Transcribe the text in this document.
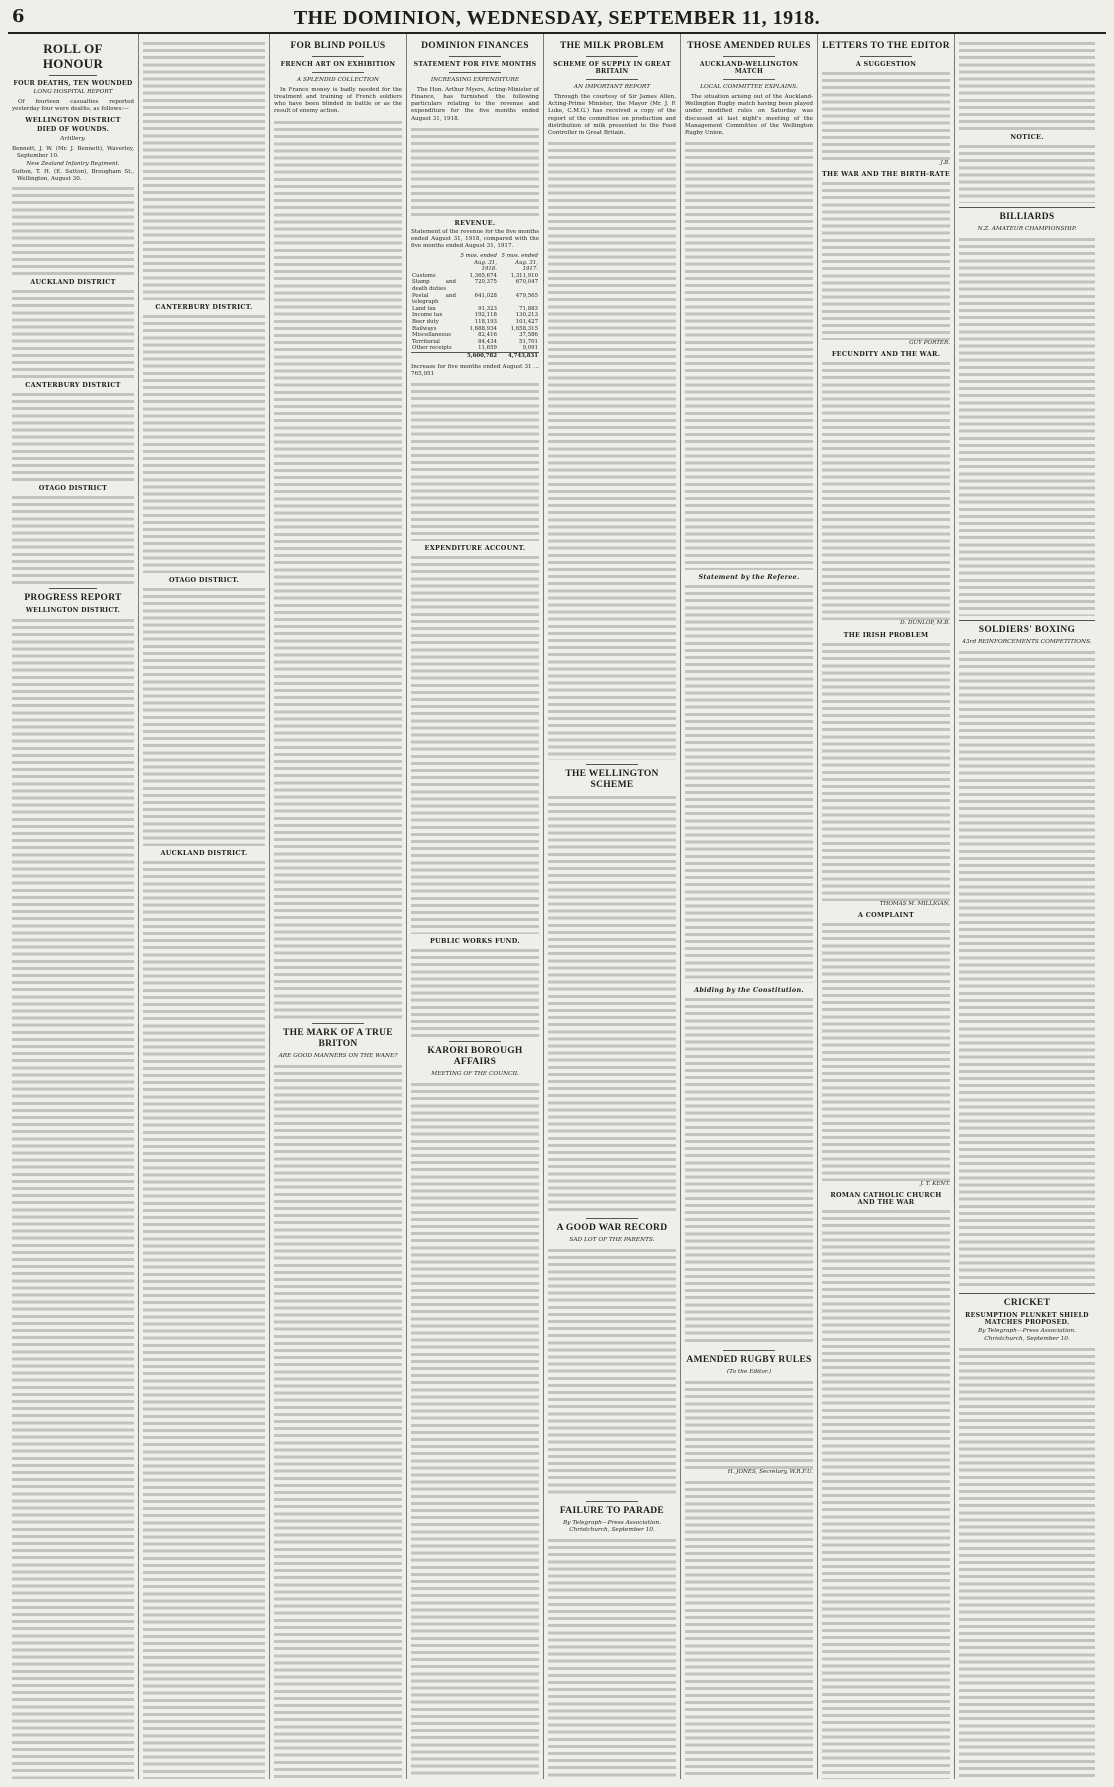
6	THE DOMINION, WEDNESDAY, SEPTEMBER 11, 1918.
ROLL OF HONOUR
FOUR DEATHS, TEN WOUNDED
LONG HOSPITAL REPORT

Of fourteen casualties reported yesterday four were deaths, as follows:—

WELLINGTON DISTRICT
DIED OF WOUNDS.
Artillery.

Bennett, J. W. (Mr. J. Bennett), Waverley, September 10.

New Zealand Infantry Regiment.

Sutton, T. H. (E. Sutton), Brougham St., Wellington, August 30.

AUCKLAND DISTRICT
CANTERBURY DISTRICT
OTAGO DISTRICT
PROGRESS REPORT
WELLINGTON DISTRICT.
CANTERBURY DISTRICT.
OTAGO DISTRICT.
AUCKLAND DISTRICT.
FOR BLIND POILUS
FRENCH ART ON EXHIBITION
A SPLENDID COLLECTION

In France money is badly needed for the treatment and training of French soldiers who have been blinded in battle or as the result of enemy action.

THE MARK OF A TRUE BRITON
ARE GOOD MANNERS ON THE WANE?
DOMINION FINANCES
STATEMENT FOR FIVE MONTHS
INCREASING EXPENDITURE

The Hon. Arthur Myers, Acting-Minister of Finance, has furnished the following particulars relating to the revenue and expenditure for the five months ended August 31, 1918.

REVENUE.

Statement of the revenue for the five months ended August 31, 1918, compared with the five months ended August 31, 1917.

	5 mos. ended Aug. 31, 1918.	5 mos. ended Aug. 31, 1917.
Customs	1,365,674	1,311,910
Stamp and death duties	720,375	670,047
Postal and telegraph	641,028	479,565
Land tax	91,323	71,883
Income tax	192,118	130,213
Beer duty	118,193	101,427
Railways	1,688,934	1,658,315
Miscellaneous	82,416	37,586
Territorial	84,434	51,701
Other receipts	11,659	9,091
	5,600,782	4,743,831

Increase for five months ended August 31 ... 765,951

EXPENDITURE ACCOUNT.
PUBLIC WORKS FUND.
KARORI BOROUGH AFFAIRS
MEETING OF THE COUNCIL
THE MILK PROBLEM
SCHEME OF SUPPLY IN GREAT BRITAIN
AN IMPORTANT REPORT

Through the courtesy of Sir James Allen, Acting-Prime Minister, the Mayor (Mr. J. P. Luke, C.M.G.) has received a copy of the report of the committee on production and distribution of milk presented to the Food Controller in Great Britain.

THE WELLINGTON SCHEME
A GOOD WAR RECORD
SAD LOT OF THE PARENTS.
FAILURE TO PARADE
By Telegraph—Press Association. Christchurch, September 10.
THOSE AMENDED RULES
AUCKLAND-WELLINGTON MATCH
LOCAL COMMITTEE EXPLAINS.

The situation arising out of the Auckland-Wellington Rugby match having been played under modified rules on Saturday was discussed at last night's meeting of the Management Committee of the Wellington Rugby Union.

Statement by the Referee.
Abiding by the Constitution.
AMENDED RUGBY RULES
(To the Editor.)
H. JONES, Secretary, W.R.F.U.
LETTERS TO THE EDITOR
A SUGGESTION
J.B.
THE WAR AND THE BIRTH-RATE
GUY PORTER.
FECUNDITY AND THE WAR.
D. DUNLOP, M.B.
THE IRISH PROBLEM
THOMAS M. MILLIGAN.
A COMPLAINT
J. T. KENT.
ROMAN CATHOLIC CHURCH AND THE WAR
NOTICE.
BILLIARDS
N.Z. AMATEUR CHAMPIONSHIP.
SOLDIERS' BOXING
43rd REINFORCEMENTS COMPETITIONS.
CRICKET
RESUMPTION PLUNKET SHIELD MATCHES PROPOSED.
By Telegraph—Press Association. Christchurch, September 10.
